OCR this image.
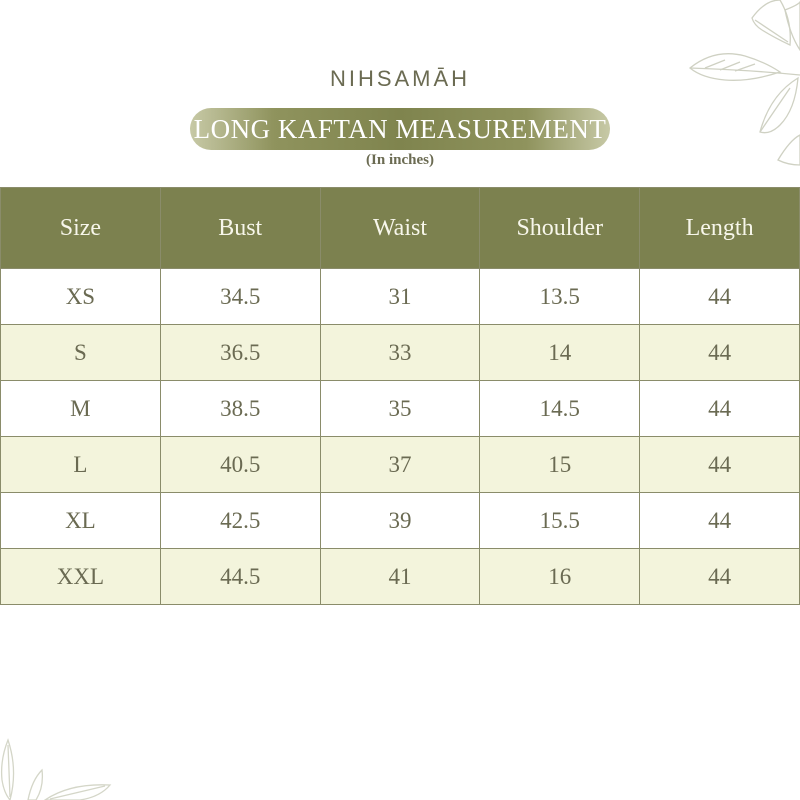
NIHSAMĀH
LONG KAFTAN MEASUREMENT
(In inches)
Size	Bust	Waist	Shoulder	Length
XS	34.5	31	13.5	44
S	36.5	33	14	44
M	38.5	35	14.5	44
L	40.5	37	15	44
XL	42.5	39	15.5	44
XXL	44.5	41	16	44
